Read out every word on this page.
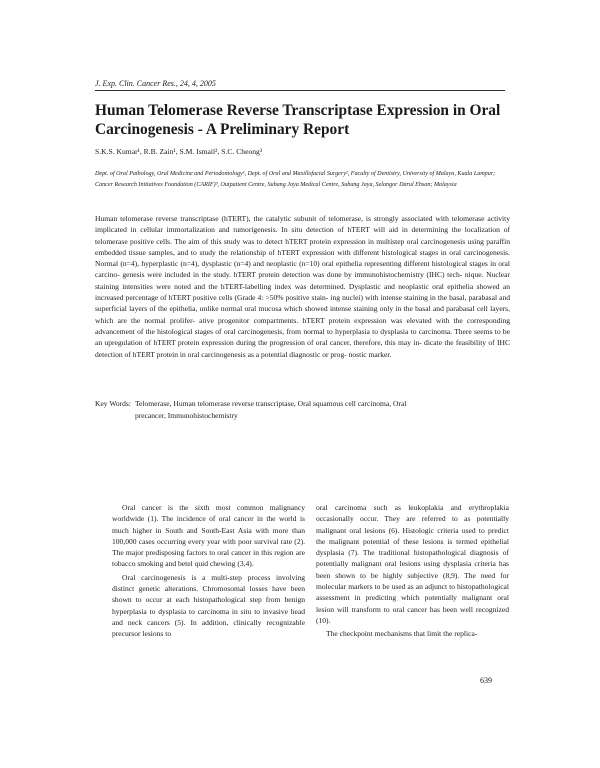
J. Exp. Clin. Cancer Res., 24, 4, 2005
Human Telomerase Reverse Transcriptase Expression in Oral
Carcinogenesis - A Preliminary Report
S.K.S. Kumar¹, R.B. Zain¹, S.M. Ismail², S.C. Cheong³

Dept. of Oral Pathology, Oral Medicine and Periodontology¹, Dept. of Oral and Maxillofacial Surgery², Faculty of Dentistry, University of Malaya, Kuala Lumpur; Cancer Research Initiatives Foundation (CARIF)³, Outpatient Centre, Subang Jaya Medical Centre, Subang Jaya, Selangor Darul Ehsan; Malaysia

Human telomerase reverse transcriptase (hTERT), the catalytic subunit of telomerase, is strongly associated with telomerase activity implicated in cellular immortalization and tumorigenesis. In situ detection of hTERT will aid in determining the localization of telomerase positive cells. The aim of this study was to detect hTERT protein expression in multistep oral carcinogenesis using paraffin embedded tissue samples, and to study the relationship of hTERT expression with different histological stages in oral carcinogenesis. Normal (n=4), hyperplastic (n=4), dysplastic (n=4) and neoplastic (n=10) oral epithelia representing different histological stages in oral carcino- genesis were included in the study. hTERT protein detection was done by immunohistochemistry (IHC) tech- nique. Nuclear staining intensities were noted and the hTERT-labelling index was determined. Dysplastic and neoplastic oral epithelia showed an increased percentage of hTERT positive cells (Grade 4: >50% positive stain- ing nuclei) with intense staining in the basal, parabasal and superficial layers of the epithelia, unlike normal oral mucosa which showed intense staining only in the basal and parabasal cell layers, which are the normal prolifer- ative progenitor compartments. hTERT protein expression was elevated with the corresponding advancement of the histological stages of oral carcinogenesis, from normal to hyperplasia to dysplasia to carcinoma. There seems to be an upregulation of hTERT protein expression during the progression of oral cancer, therefore, this may in- dicate the feasibility of IHC detection of hTERT protein in oral carcinogenesis as a potential diagnostic or prog- nostic marker.

Key Words: Telomerase, Human telomerase reverse transcriptase, Oral squamous cell carcinoma, Oral
precancer, Immunohistochemistry

Oral cancer is the sixth most common malignancy worldwide (1). The incidence of oral cancer in the world is much higher in South and South-East Asia with more than 100,000 cases occurring every year with poor survival rate (2). The major predisposing factors to oral cancer in this region are tobacco smoking and betel quid chewing (3,4).

Oral carcinogenesis is a multi-step process involving distinct genetic alterations. Chromosomal losses have been shown to occur at each histopathological step from benign hyperplasia to dysplasia to carcinoma in situ to invasive head and neck cancers (5). In addition, clinically recognizable precursor lesions to

oral carcinoma such as leukoplakia and erythroplakia occasionally occur. They are referred to as potentially malignant oral lesions (6). Histologic criteria used to predict the malignant potential of these lesions is termed epithelial dysplasia (7). The traditional histopathological diagnosis of potentially malignant oral lesions using dysplasia criteria has been shown to be highly subjective (8,9). The need for molecular markers to be used as an adjunct to histopathological assessment in predicting which potentially malignant oral lesion will transform to oral cancer has been well recognized (10).

The checkpoint mechanisms that limit the replica-

639
